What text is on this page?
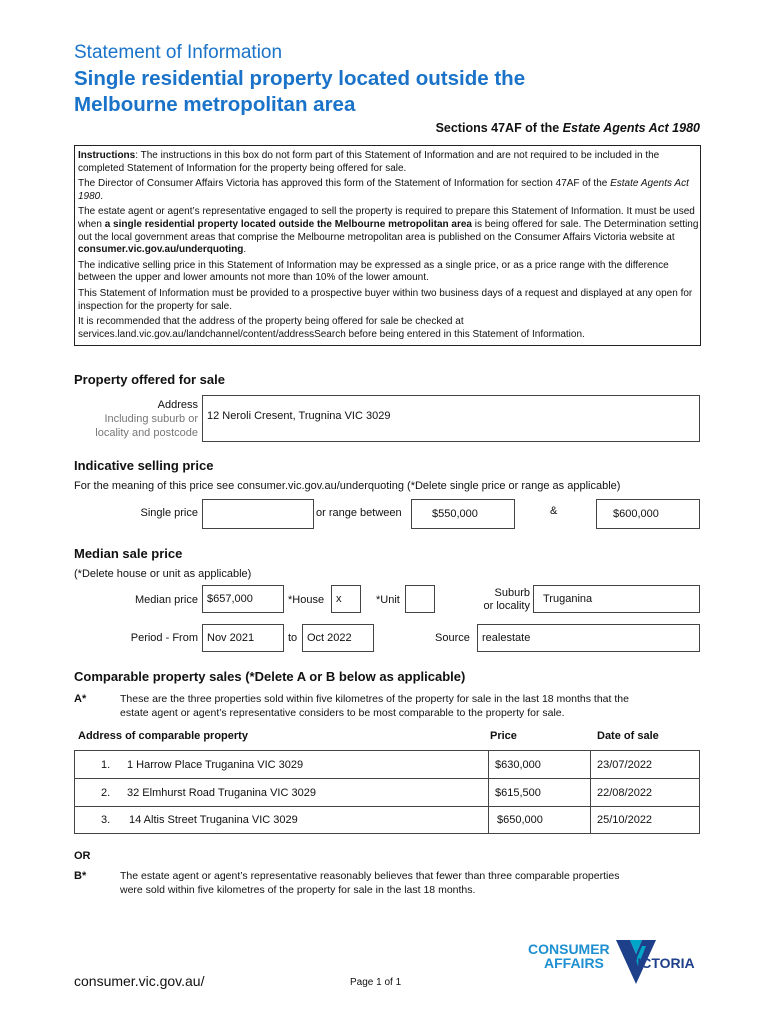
Statement of Information
Single residential property located outside the
Melbourne metropolitan area
Sections 47AF of the Estate Agents Act 1980

Instructions: The instructions in this box do not form part of this Statement of Information and are not required to be included in the completed Statement of Information for the property being offered for sale.

The Director of Consumer Affairs Victoria has approved this form of the Statement of Information for section 47AF of the Estate Agents Act 1980.

The estate agent or agent’s representative engaged to sell the property is required to prepare this Statement of Information. It must be used when a single residential property located outside the Melbourne metropolitan area is being offered for sale. The Determination setting out the local government areas that comprise the Melbourne metropolitan area is published on the Consumer Affairs Victoria website at consumer.vic.gov.au/underquoting.

The indicative selling price in this Statement of Information may be expressed as a single price, or as a price range with the difference between the upper and lower amounts not more than 10% of the lower amount.

This Statement of Information must be provided to a prospective buyer within two business days of a request and displayed at any open for inspection for the property for sale.

It is recommended that the address of the property being offered for sale be checked at services.land.vic.gov.au/landchannel/content/addressSearch before being entered in this Statement of Information.

Property offered for sale
Address
Including suburb or
locality and postcode
12 Neroli Cresent, Trugnina VIC 3029
Indicative selling price
For the meaning of this price see consumer.vic.gov.au/underquoting (*Delete single price or range as applicable)
Single price	or range between	$550,000	&	$600,000
Median sale price
(*Delete house or unit as applicable)
Median price $657,000	*House	x	*Unit
Suburb
or locality
Truganina
Period - From Nov 2021	to Oct 2022	Source	realestate
Comparable property sales (*Delete A or B below as applicable)
A*	These are the three properties sold within five kilometres of the property for sale in the last 18 months that the
estate agent or agent’s representative considers to be most comparable to the property for sale.
Address of comparable property	Price	Date of sale
1. 1 Harrow Place Truganina VIC 3029	$630,000	23/07/2022
2. 32 Elmhurst Road Truganina VIC 3029	$615,500	22/08/2022
3. 14 Altis Street Truganina VIC 3029	$650,000	25/10/2022
OR
B*	The estate agent or agent’s representative reasonably believes that fewer than three comparable properties
were sold within five kilometres of the property for sale in the last 18 months.
CONSUMER
AFFAIRS VICTORIA
consumer.vic.gov.au/	Page 1 of 1
